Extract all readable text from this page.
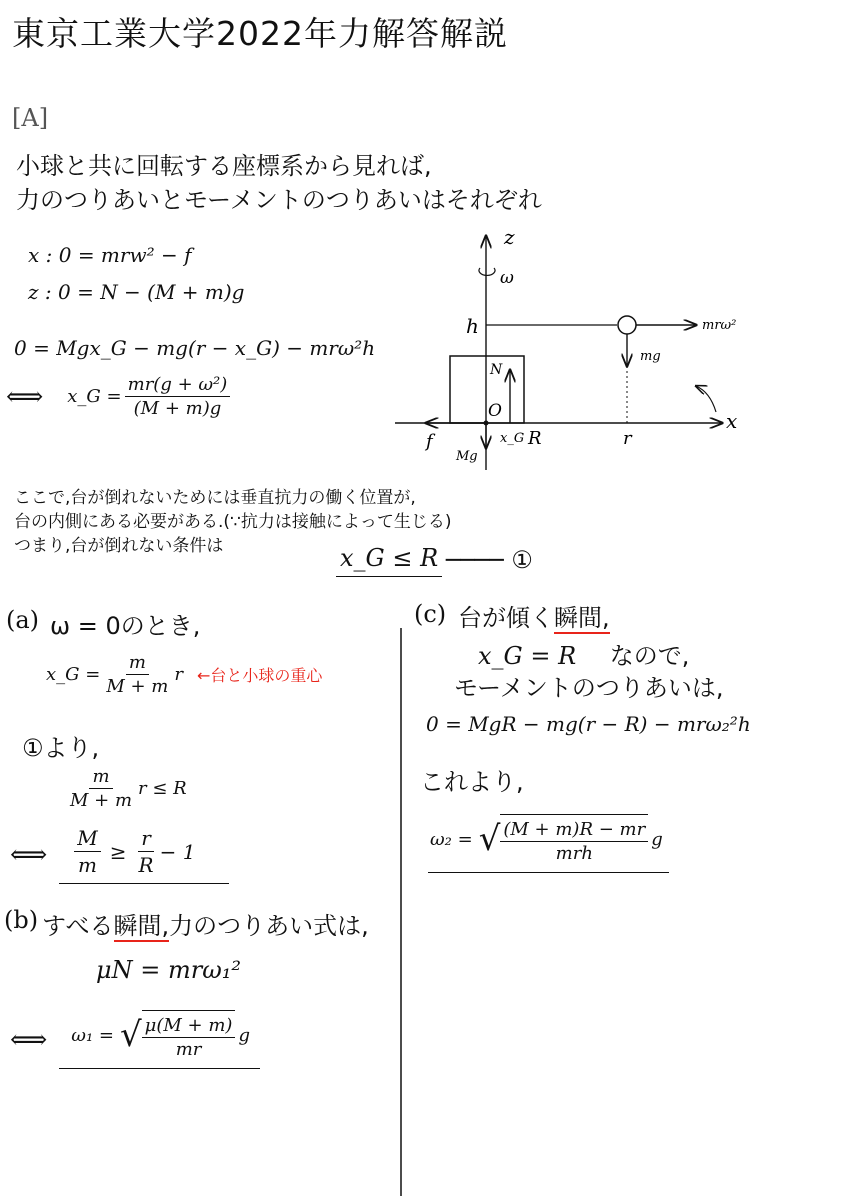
東京工業大学2022年力解答解説
[A]
小球と共に回転する座標系から見れば,
力のつりあいとモーメントのつりあいはそれぞれ
x : 0 = mrw² − f
z : 0 = N − (M + m)g
0 = Mgx_G − mg(r − x_G) − mrω²h
⟺ x_G = $\frac{\text{mr(g + ω²)}}{(M + m)g}$
ここで,台が倒れないためには垂直抗力の働く位置が,
台の内側にある必要がある.(∵抗力は接触によって生じる)
つまり,台が倒れない条件は	x_G ≤ R ──── ①
z
ω
h	mrω²
mg
N
O
x_G R
f
Mg
r
x
(a) ω = 0のとき,
x_G = $\frac{m}{M + m}$ r ←台と小球の重心
①より,
$\frac{m}{M + m}$ r ≤ R
⟺ $\frac{M}{m} \ge \frac{r}{R} - 1$
(b) すべる瞬間,力のつりあい式は,
μN = mrω₁²
⟺ ω₁ = √ $\frac{\mu(M + m)}{mr}$ g
(c) 台が傾く瞬間,
x_G = R なので,
モーメントのつりあいは,
0 = MgR − mg(r − R) − mrω₂²h
これより,
ω₂ = √ $\frac{(M + m)R - mr}{\text{mrh}}$ g
